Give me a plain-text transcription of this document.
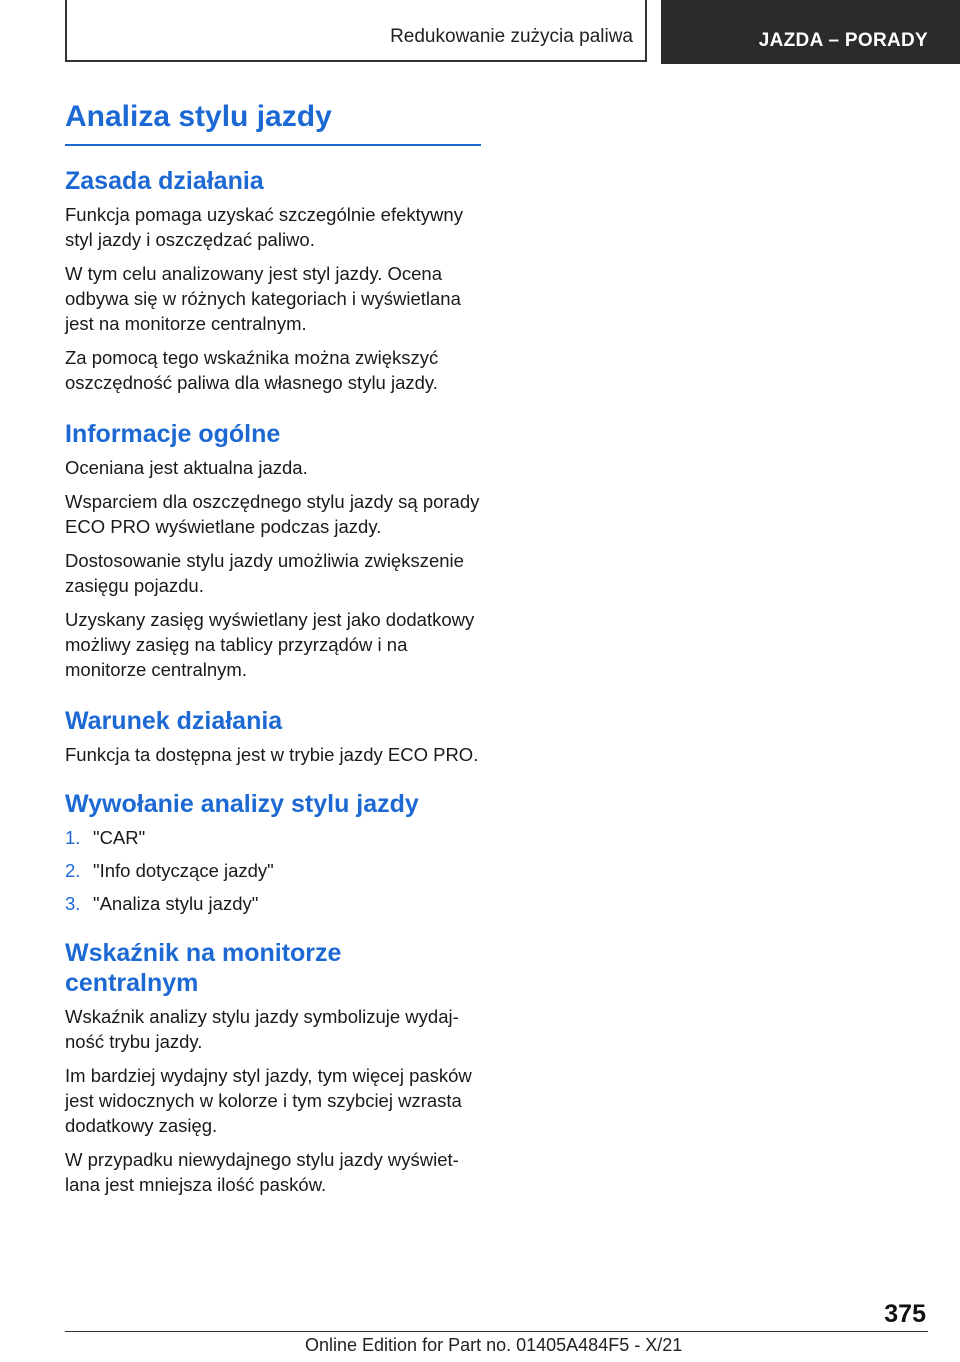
Redukowanie zużycia paliwa	JAZDA – PORADY
Analiza stylu jazdy
Zasada działania

Funkcja pomaga uzyskać szczególnie efektywny styl jazdy i oszczędzać paliwo.

W tym celu analizowany jest styl jazdy. Ocena odbywa się w różnych kategoriach i wyświetlana jest na monitorze centralnym.

Za pomocą tego wskaźnika można zwiększyć oszczędność paliwa dla własnego stylu jazdy.

Informacje ogólne

Oceniana jest aktualna jazda.

Wsparciem dla oszczędnego stylu jazdy są porady ECO PRO wyświetlane podczas jazdy.

Dostosowanie stylu jazdy umożliwia zwiększenie zasięgu pojazdu.

Uzyskany zasięg wyświetlany jest jako dodatkowy możliwy zasięg na tablicy przyrządów i na monitorze centralnym.

Warunek działania

Funkcja ta dostępna jest w trybie jazdy ECO PRO.

Wywołanie analizy stylu jazdy
1. "CAR"
2. "Info dotyczące jazdy"
3. "Analiza stylu jazdy"
Wskaźnik na monitorze centralnym

Wskaźnik analizy stylu jazdy symbolizuje wydajność trybu jazdy.

Im bardziej wydajny styl jazdy, tym więcej pasków jest widocznych w kolorze i tym szybciej wzrasta dodatkowy zasięg.

W przypadku niewydajnego stylu jazdy wyświetlana jest mniejsza ilość pasków.

375
Online Edition for Part no. 01405A484F5 - X/21
